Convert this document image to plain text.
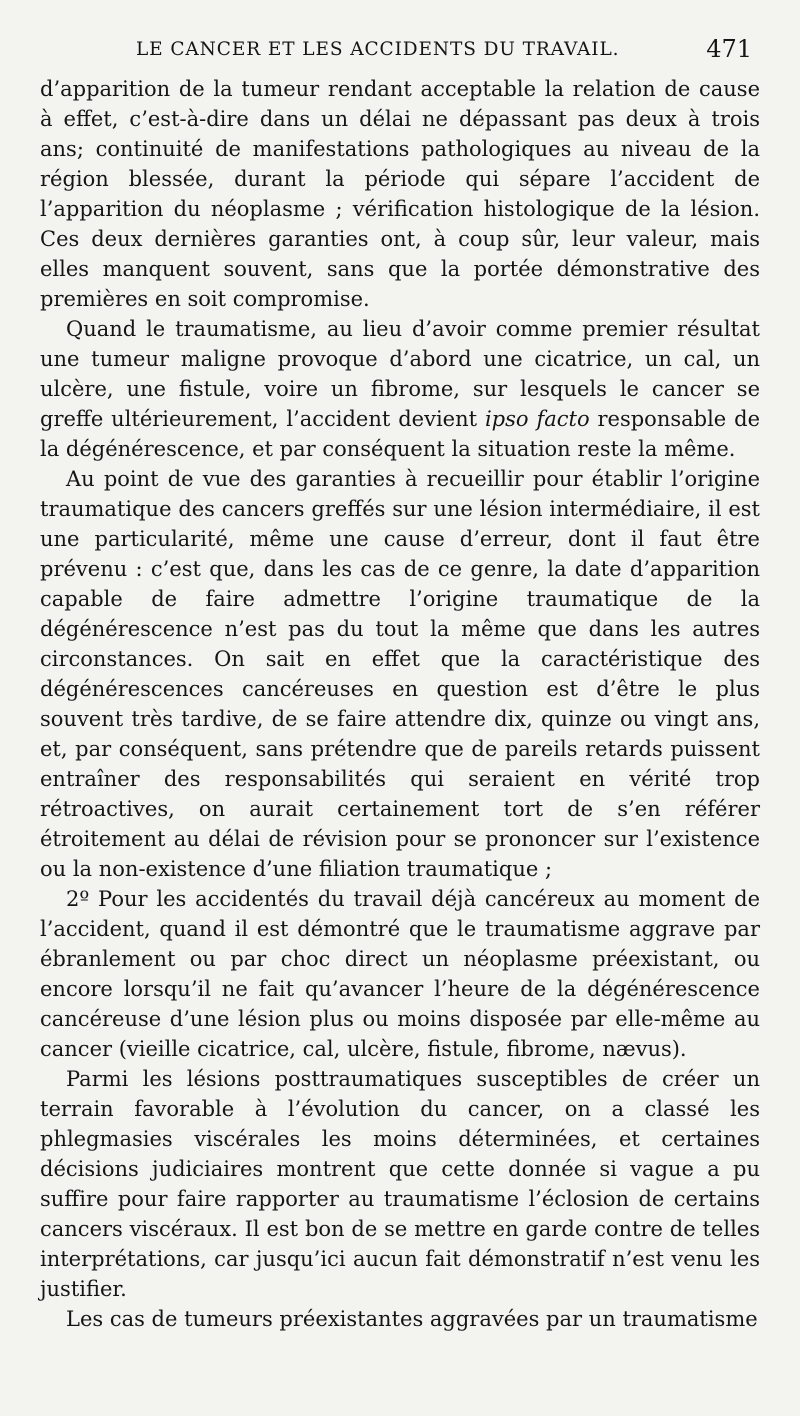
LE CANCER ET LES ACCIDENTS DU TRAVAIL.	471

d’apparition de la tumeur rendant acceptable la relation de cause à effet, c’est-à-dire dans un délai ne dépassant pas deux à trois ans; continuité de manifestations pathologiques au niveau de la région blessée, durant la période qui sépare l’accident de l’apparition du néoplasme ; vérification histologique de la lésion. Ces deux dernières garanties ont, à coup sûr, leur valeur, mais elles manquent souvent, sans que la portée démonstrative des premières en soit compromise.

Quand le traumatisme, au lieu d’avoir comme premier résultat une tumeur maligne provoque d’abord une cicatrice, un cal, un ulcère, une fistule, voire un fibrome, sur lesquels le cancer se greffe ultérieurement, l’accident devient ipso facto responsable de la dégénérescence, et par conséquent la situation reste la même.

Au point de vue des garanties à recueillir pour établir l’origine traumatique des cancers greffés sur une lésion intermédiaire, il est une particularité, même une cause d’erreur, dont il faut être prévenu : c’est que, dans les cas de ce genre, la date d’apparition capable de faire admettre l’origine traumatique de la dégénérescence n’est pas du tout la même que dans les autres circonstances. On sait en effet que la caractéristique des dégénérescences cancéreuses en question est d’être le plus souvent très tardive, de se faire attendre dix, quinze ou vingt ans, et, par conséquent, sans prétendre que de pareils retards puissent entraîner des responsabilités qui seraient en vérité trop rétroactives, on aurait certainement tort de s’en référer étroitement au délai de révision pour se prononcer sur l’existence ou la non-existence d’une filiation traumatique ;

2º Pour les accidentés du travail déjà cancéreux au moment de l’accident, quand il est démontré que le traumatisme aggrave par ébranlement ou par choc direct un néoplasme préexistant, ou encore lorsqu’il ne fait qu’avancer l’heure de la dégénérescence cancéreuse d’une lésion plus ou moins disposée par elle-même au cancer (vieille cicatrice, cal, ulcère, fistule, fibrome, nævus).

Parmi les lésions posttraumatiques susceptibles de créer un terrain favorable à l’évolution du cancer, on a classé les phlegmasies viscérales les moins déterminées, et certaines décisions judiciaires montrent que cette donnée si vague a pu suffire pour faire rapporter au traumatisme l’éclosion de certains cancers viscéraux. Il est bon de se mettre en garde contre de telles interprétations, car jusqu’ici aucun fait démonstratif n’est venu les justifier.

Les cas de tumeurs préexistantes aggravées par un traumatisme
